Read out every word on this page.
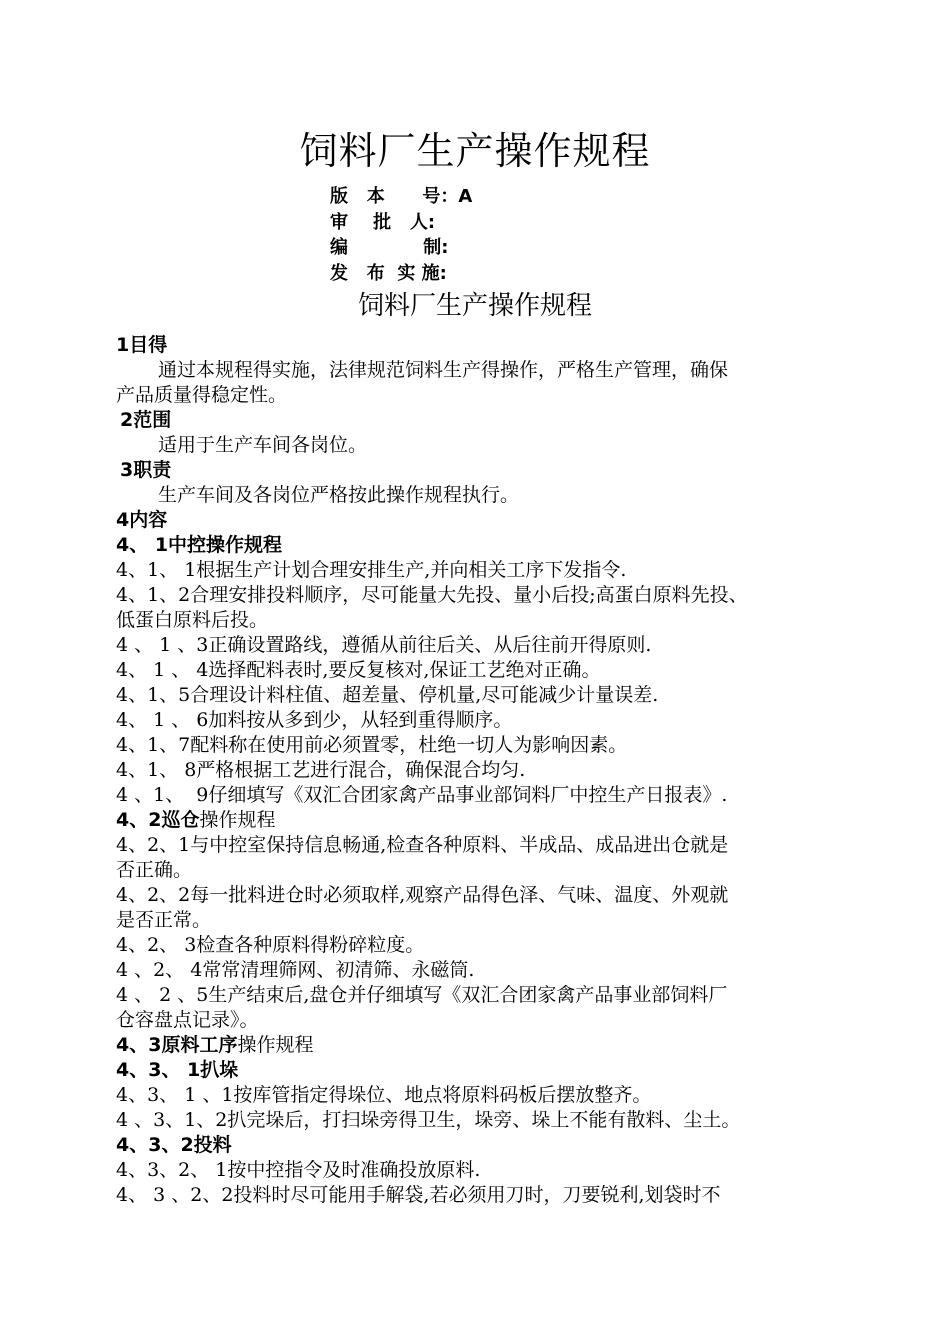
饲料厂生产操作规程
版   本      号：A
审    批   人:
编            制:
发   布  实 施:
饲料厂生产操作规程
1目得
通过本规程得实施，法律规范饲料生产得操作，严格生产管理，确保
产品质量得稳定性。
2范围
适用于生产车间各岗位。
3职责
生产车间及各岗位严格按此操作规程执行。
4内容
4、 1中控操作规程
4、1、 1根据生产计划合理安排生产,并向相关工序下发指令.
4、1、2合理安排投料顺序，尽可能量大先投、量小后投;高蛋白原料先投、
低蛋白原料后投。
4 、 1 、3正确设置路线，遵循从前往后关、从后往前开得原则.
4、 1 、 4选择配料表时,要反复核对,保证工艺绝对正确。
4、1、5合理设计料柱值、超差量、停机量,尽可能减少计量误差.
4、 1 、 6加料按从多到少，从轻到重得顺序。
4、1、7配料称在使用前必须置零，杜绝一切人为影响因素。
4、1、 8严格根据工艺进行混合，确保混合均匀.
4 、1、  9仔细填写《双汇合团家禽产品事业部饲料厂中控生产日报表》.
4、2巡仓操作规程
4、2、1与中控室保持信息畅通,检查各种原料、半成品、成品进出仓就是
否正确。
4、2、2每一批料进仓时必须取样,观察产品得色泽、气味、温度、外观就
是否正常。
4、2、 3检查各种原料得粉碎粒度。
4 、2、 4常常清理筛网、初清筛、永磁筒.
4 、 2 、5生产结束后,盘仓并仔细填写《双汇合团家禽产品事业部饲料厂
仓容盘点记录》。
4、3原料工序操作规程
4、3、 1扒垛
4、3、 1 、1按库管指定得垛位、地点将原料码板后摆放整齐。
4 、3、1、2扒完垛后，打扫垛旁得卫生，垛旁、垛上不能有散料、尘土。
4、3、2投料
4、3、2、 1按中控指令及时准确投放原料.
4、 3 、2、2投料时尽可能用手解袋,若必须用刀时，刀要锐利,划袋时不
